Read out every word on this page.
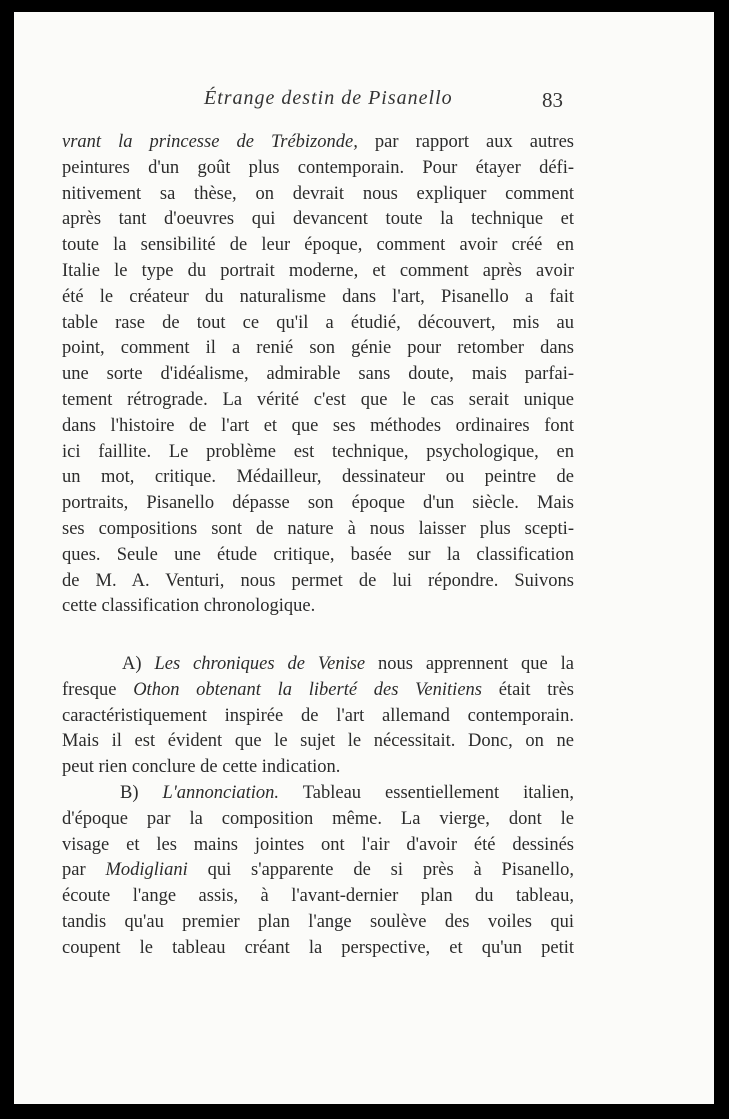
Étrange destin de Pisanello	83
vrant la princesse de Trébizonde, par rapport aux autres
peintures d'un goût plus contemporain. Pour étayer défi-
nitivement sa thèse, on devrait nous expliquer comment
après tant d'oeuvres qui devancent toute la technique et
toute la sensibilité de leur époque, comment avoir créé en
Italie le type du portrait moderne, et comment après avoir
été le créateur du naturalisme dans l'art, Pisanello a fait
table rase de tout ce qu'il a étudié, découvert, mis au
point, comment il a renié son génie pour retomber dans
une sorte d'idéalisme, admirable sans doute, mais parfai-
tement rétrograde. La vérité c'est que le cas serait unique
dans l'histoire de l'art et que ses méthodes ordinaires font
ici faillite. Le problème est technique, psychologique, en
un mot, critique. Médailleur, dessinateur ou peintre de
portraits, Pisanello dépasse son époque d'un siècle. Mais
ses compositions sont de nature à nous laisser plus scepti-
ques. Seule une étude critique, basée sur la classification
de M. A. Venturi, nous permet de lui répondre. Suivons
cette classification chronologique.
A) Les chroniques de Venise nous apprennent que la
fresque Othon obtenant la liberté des Venitiens était très
caractéristiquement inspirée de l'art allemand contemporain.
Mais il est évident que le sujet le nécessitait. Donc, on ne
peut rien conclure de cette indication.
B) L'annonciation. Tableau essentiellement italien,
d'époque par la composition même. La vierge, dont le
visage et les mains jointes ont l'air d'avoir été dessinés
par Modigliani qui s'apparente de si près à Pisanello,
écoute l'ange assis, à l'avant-dernier plan du tableau,
tandis qu'au premier plan l'ange soulève des voiles qui
coupent le tableau créant la perspective, et qu'un petit
